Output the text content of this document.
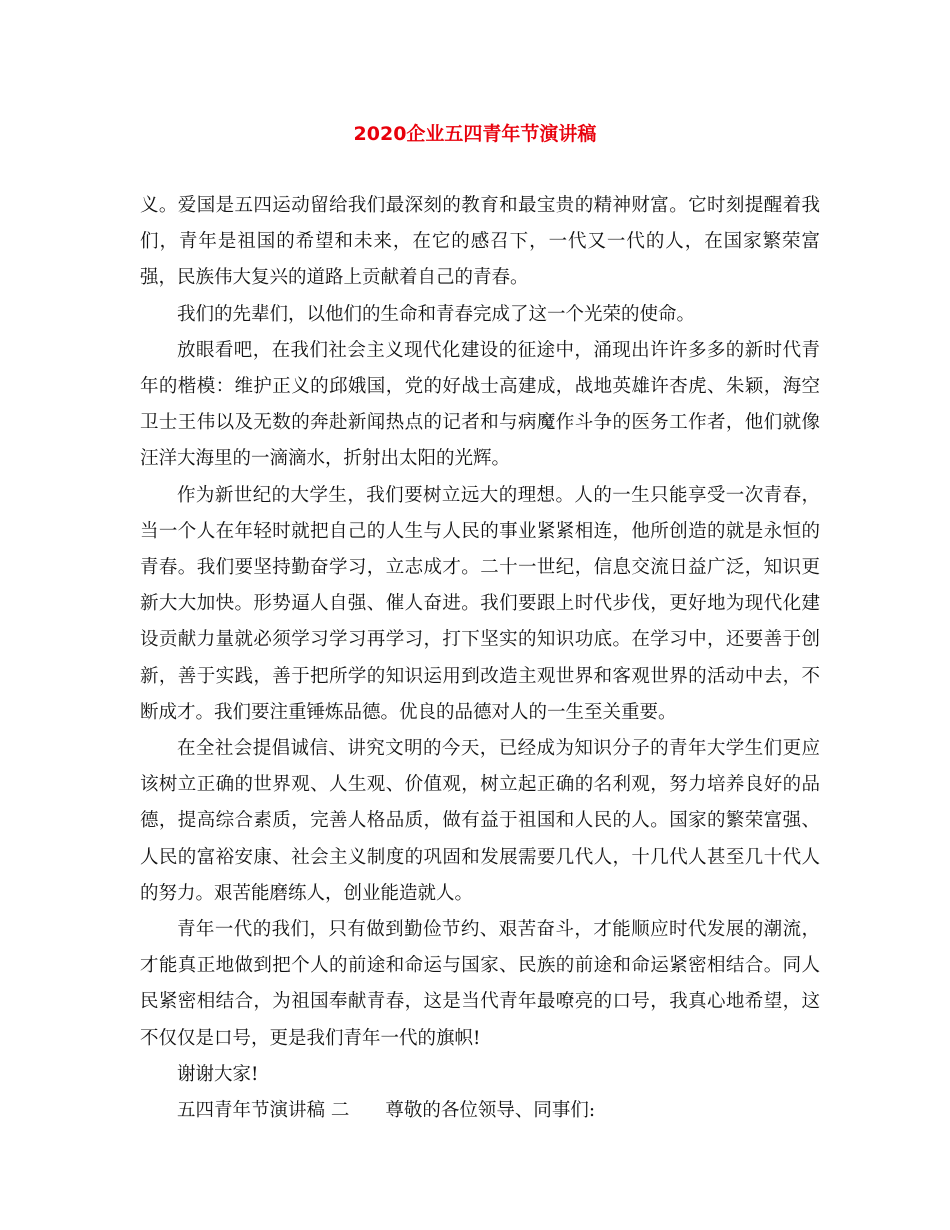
2020企业五四青年节演讲稿

义。爱国是五四运动留给我们最深刻的教育和最宝贵的精神财富。它时刻提醒着我们，青年是祖国的希望和未来，在它的感召下，一代又一代的人，在国家繁荣富强，民族伟大复兴的道路上贡献着自己的青春。

我们的先辈们，以他们的生命和青春完成了这一个光荣的使命。

放眼看吧，在我们社会主义现代化建设的征途中，涌现出许许多多的新时代青年的楷模：维护正义的邱娥国，党的好战士高建成，战地英雄许杏虎、朱颖，海空卫士王伟以及无数的奔赴新闻热点的记者和与病魔作斗争的医务工作者，他们就像汪洋大海里的一滴滴水，折射出太阳的光辉。

作为新世纪的大学生，我们要树立远大的理想。人的一生只能享受一次青春，当一个人在年轻时就把自己的人生与人民的事业紧紧相连，他所创造的就是永恒的青春。我们要坚持勤奋学习，立志成才。二十一世纪，信息交流日益广泛，知识更新大大加快。形势逼人自强、催人奋进。我们要跟上时代步伐，更好地为现代化建设贡献力量就必须学习学习再学习，打下坚实的知识功底。在学习中，还要善于创新，善于实践，善于把所学的知识运用到改造主观世界和客观世界的活动中去，不断成才。我们要注重锤炼品德。优良的品德对人的一生至关重要。

在全社会提倡诚信、讲究文明的今天，已经成为知识分子的青年大学生们更应该树立正确的世界观、人生观、价值观，树立起正确的名利观，努力培养良好的品德，提高综合素质，完善人格品质，做有益于祖国和人民的人。国家的繁荣富强、人民的富裕安康、社会主义制度的巩固和发展需要几代人，十几代人甚至几十代人的努力。艰苦能磨练人，创业能造就人。

青年一代的我们，只有做到勤俭节约、艰苦奋斗，才能顺应时代发展的潮流，才能真正地做到把个人的前途和命运与国家、民族的前途和命运紧密相结合。同人民紧密相结合，为祖国奉献青春，这是当代青年最嘹亮的口号，我真心地希望，这不仅仅是口号，更是我们青年一代的旗帜!

谢谢大家!

五四青年节演讲稿 二 尊敬的各位领导、同事们:
